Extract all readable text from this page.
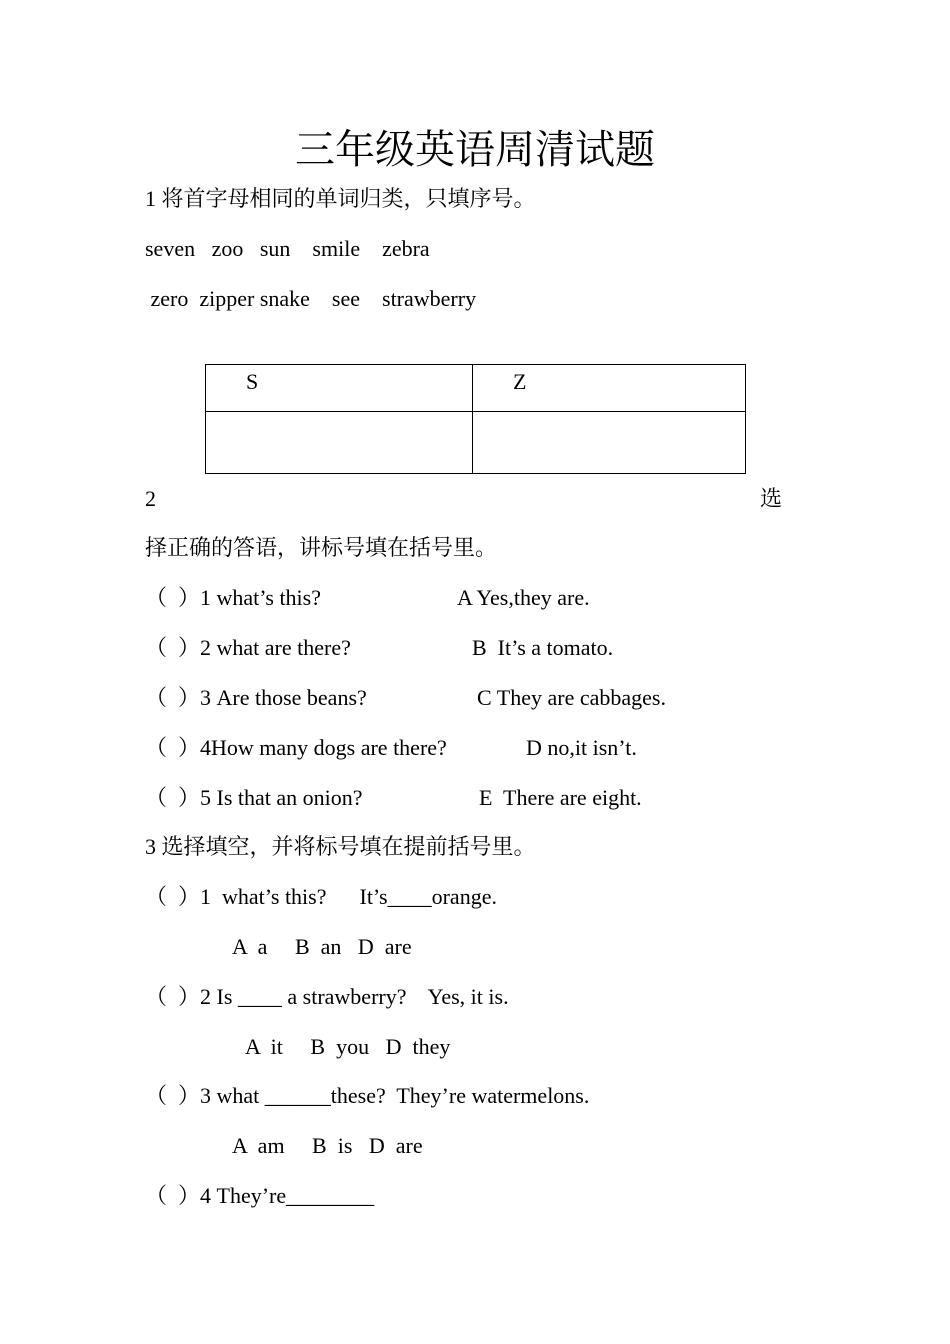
三年级英语周清试题
1 将首字母相同的单词归类，只填序号。
seven   zoo   sun    smile    zebra
zero  zipper snake    see    strawberry
S	Z

2	选
择正确的答语，讲标号填在括号里。
（  ）1 what’s this?	A Yes,they are.
（  ）2 what are there?	B  It’s a tomato.
（  ）3 Are those beans?	C They are cabbages.
（  ）4How many dogs are there?	D no,it isn’t.
（  ）5 Is that an onion?	E  There are eight.
3 选择填空，并将标号填在提前括号里。
（  ）1  what’s this?      It’s____orange.
A  a     B  an   D  are
（  ）2 Is ____ a strawberry?    Yes, it is.
A  it     B  you   D  they
（  ）3 what ______these?  They’re watermelons.
A  am     B  is   D  are
（  ）4 They’re________
